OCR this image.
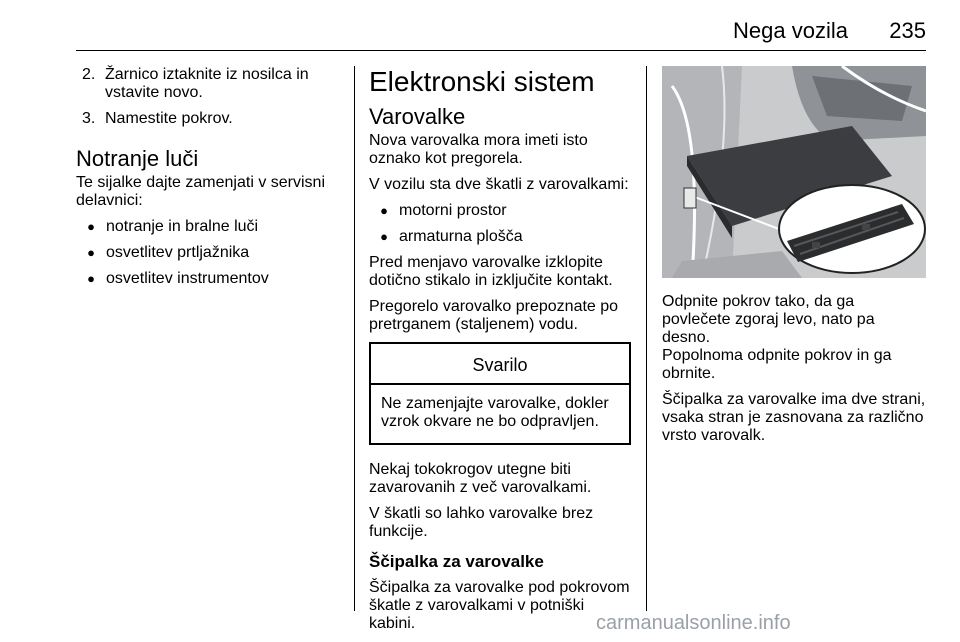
Nega vozila	235
2. Žarnico iztaknite iz nosilca in vstavite novo.
3. Namestite pokrov.
Notranje luči

Te sijalke dajte zamenjati v servisni delavnici:

● notranje in bralne luči
● osvetlitev prtljažnika
● osvetlitev instrumentov
Elektronski sistem
Varovalke

Nova varovalka mora imeti isto oznako kot pregorela.

V vozilu sta dve škatli z varovalkami:

● motorni prostor
● armaturna plošča

Pred menjavo varovalke izklopite dotično stikalo in izključite kontakt.

Pregorelo varovalko prepoznate po pretrganem (staljenem) vodu.

Svarilo
Ne zamenjajte varovalke, dokler vzrok okvare ne bo odpravljen.

Nekaj tokokrogov utegne biti zavarovanih z več varovalkami.

V škatli so lahko varovalke brez funkcije.

Ščipalka za varovalke

Ščipalka za varovalke pod pokrovom škatle z varovalkami v potniški kabini.

Odpnite pokrov tako, da ga povlečete zgoraj levo, nato pa desno.

Popolnoma odpnite pokrov in ga obrnite.

Ščipalka za varovalke ima dve strani, vsaka stran je zasnovana za različno vrsto varovalk.

carmanualsonline.info
